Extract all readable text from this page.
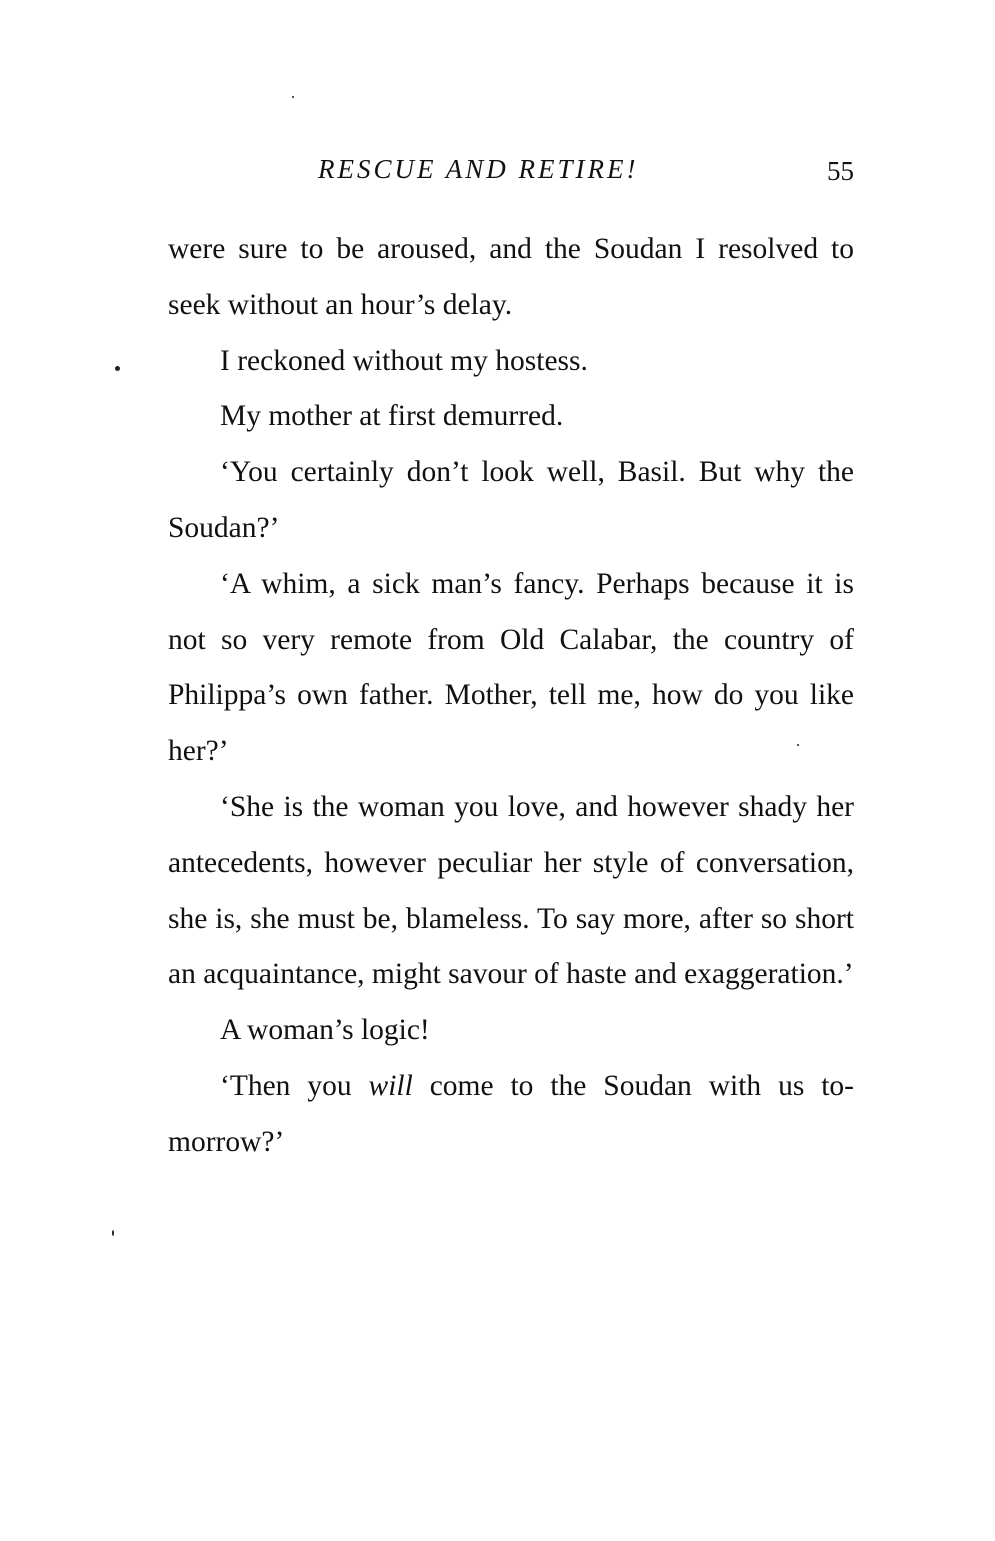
RESCUE AND RETIRE!	55

were sure to be aroused, and the Soudan I resolved to seek without an hour’s delay.

I reckoned without my hostess.

My mother at first demurred.

‘You certainly don’t look well, Basil. But why the Soudan?’

‘A whim, a sick man’s fancy. Perhaps because it is not so very remote from Old Calabar, the country of Philippa’s own father. Mother, tell me, how do you like her?’

‘She is the woman you love, and however shady her antecedents, however peculiar her style of conversation, she is, she must be, blameless. To say more, after so short an acquaintance, might savour of haste and exaggeration.’

A woman’s logic!

‘Then you will come to the Soudan with us to-morrow?’
